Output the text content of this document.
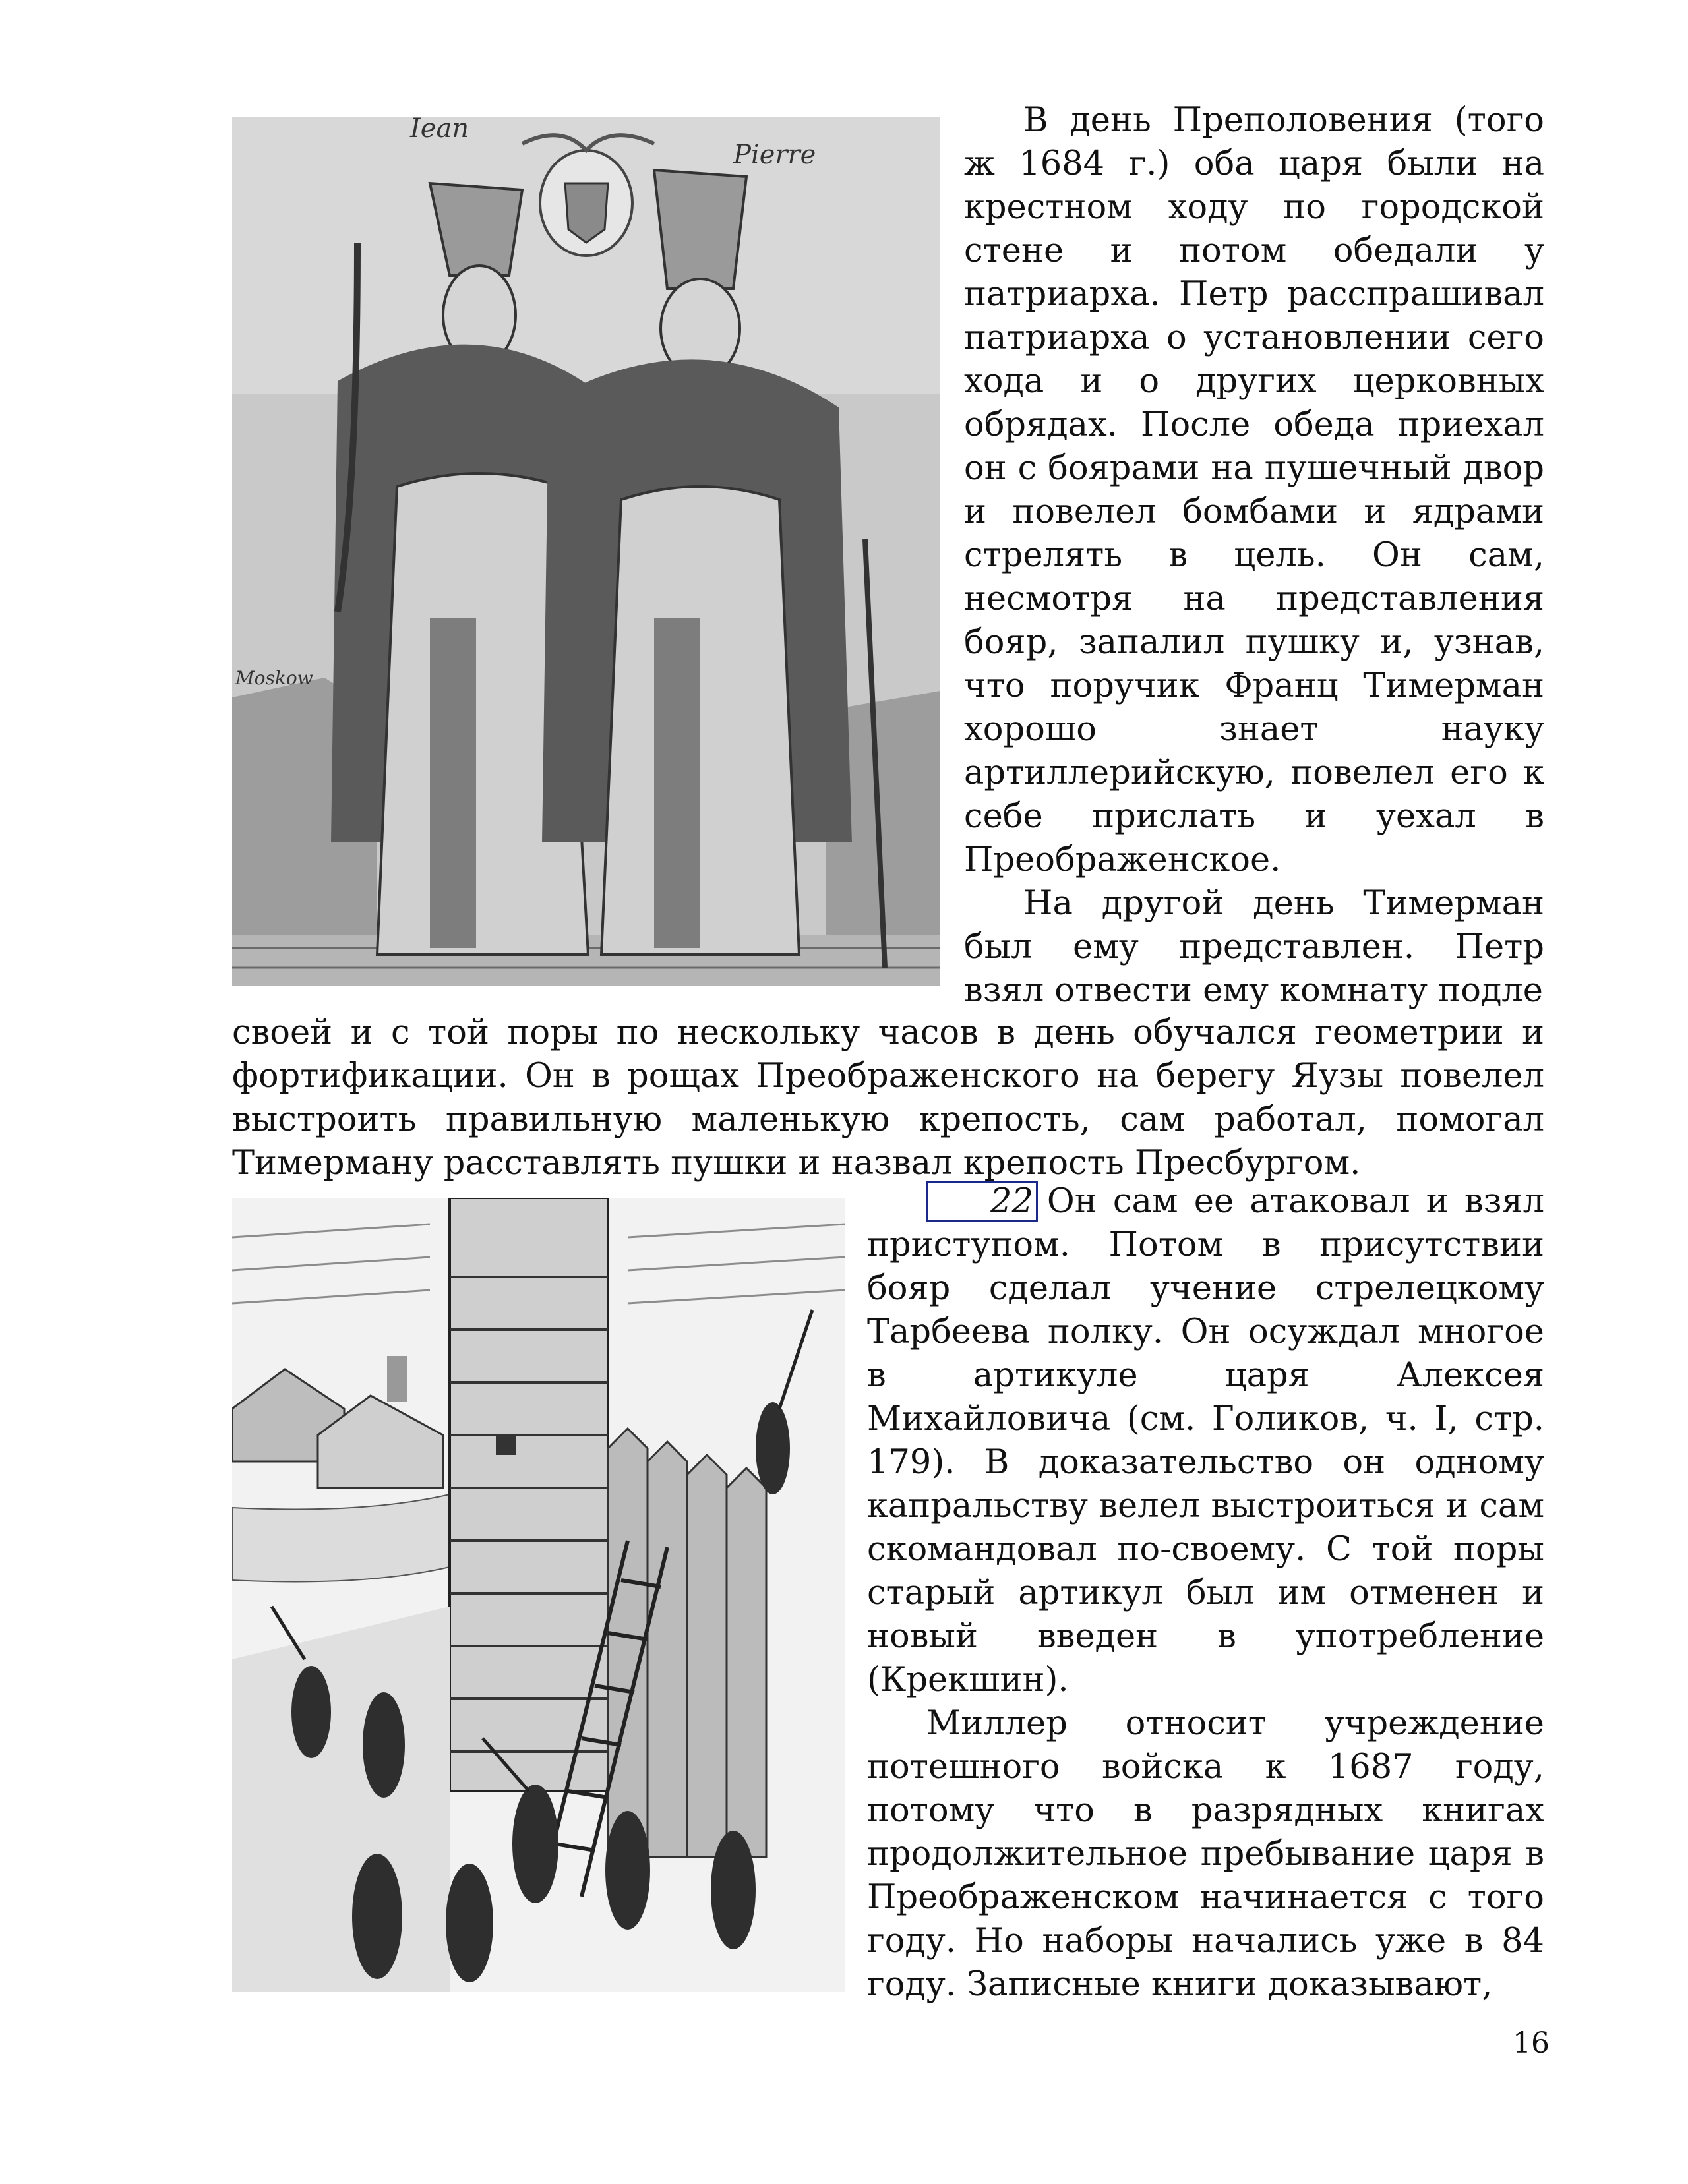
Iean
Pierre
Moskow

В день Преполовения (того ж 1684 г.) оба царя были на крестном ходу по городской стене и потом обедали у патриарха. Петр расспрашивал патриарха о установлении сего хода и о других церковных обрядах. После обеда приехал он с боярами на пушечный двор и повелел бомбами и ядрами стрелять в цель. Он сам, несмотря на представления бояр, запалил пушку и, узнав, что поручик Франц Тимерман хорошо знает науку артиллерийскую, повелел его к себе прислать и уехал в Преображенское.

На другой день Тимерман был ему представлен. Петр взял отвести ему комнату подле

своей и с той поры по нескольку часов в день обучался геометрии и фортификации. Он в рощах Преображенского на берегу Яузы повелел выстроить правильную маленькую крепость, сам работал, помогал Тимерману расставлять пушки и назвал крепость Пресбургом.

22 Он сам ее атаковал и взял приступом. Потом в присутствии бояр сделал учение стрелецкому Тарбеева полку. Он осуждал многое в артикуле царя Алексея Михайловича (см. Голиков, ч. I, стр. 179). В доказательство он одному капральству велел выстроиться и сам скомандовал по-своему. С той поры старый артикул был им отменен и новый введен в употребление (Крекшин).

Миллер относит учреждение потешного войска к 1687 году, потому что в разрядных книгах продолжительное пребывание царя в Преображенском начинается с того году. Но наборы начались уже в 84 году. Записные книги доказывают,

16
